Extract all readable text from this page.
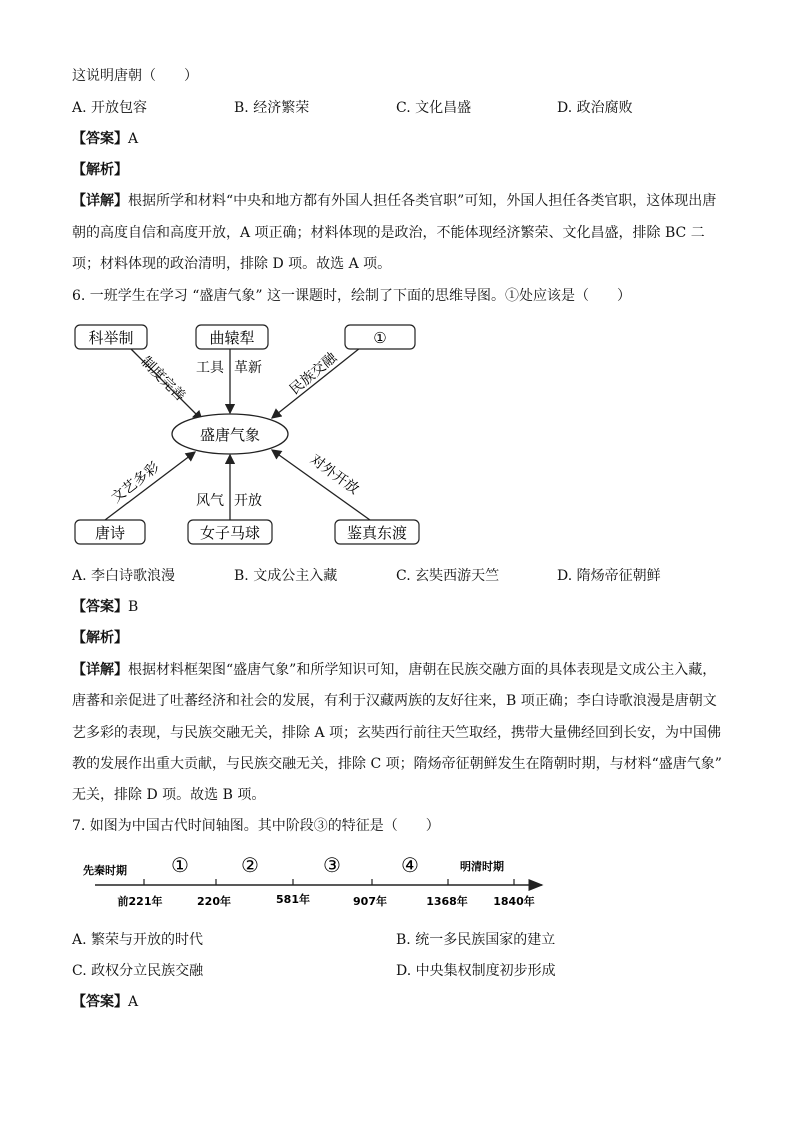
这说明唐朝（　　）
A. 开放包容	B. 经济繁荣	C. 文化昌盛	D. 政治腐败
【答案】A
【解析】
【详解】根据所学和材料“中央和地方都有外国人担任各类官职”可知，外国人担任各类官职，这体现出唐
朝的高度自信和高度开放，A 项正确；材料体现的是政治，不能体现经济繁荣、文化昌盛，排除 BC 二
项；材料体现的政治清明，排除 D 项。故选 A 项。
6. 一班学生在学习 “盛唐气象” 这一课题时，绘制了下面的思维导图。①处应该是（　　）
盛唐气象
科举制	曲辕犁	①
唐诗	女子马球	鉴真东渡
制度完善 工具 革新 民族交融
文艺多彩 风气 开放
对外开放
A. 李白诗歌浪漫	B. 文成公主入藏	C. 玄奘西游天竺	D. 隋炀帝征朝鲜
【答案】B
【解析】
【详解】根据材料框架图“盛唐气象”和所学知识可知，唐朝在民族交融方面的具体表现是文成公主入藏，
唐蕃和亲促进了吐蕃经济和社会的发展，有利于汉藏两族的友好往来，B 项正确；李白诗歌浪漫是唐朝文
艺多彩的表现，与民族交融无关，排除 A 项；玄奘西行前往天竺取经，携带大量佛经回到长安，为中国佛
教的发展作出重大贡献，与民族交融无关，排除 C 项；隋炀帝征朝鲜发生在隋朝时期，与材料“盛唐气象”
无关，排除 D 项。故选 B 项。
7. 如图为中国古代时间轴图。其中阶段③的特征是（　　）
先秦时期	明清时期
①	②	③	④
前221年	220年	581年	907年	1368年 1840年
A. 繁荣与开放的时代	B. 统一多民族国家的建立
C. 政权分立民族交融	D. 中央集权制度初步形成
【答案】A
